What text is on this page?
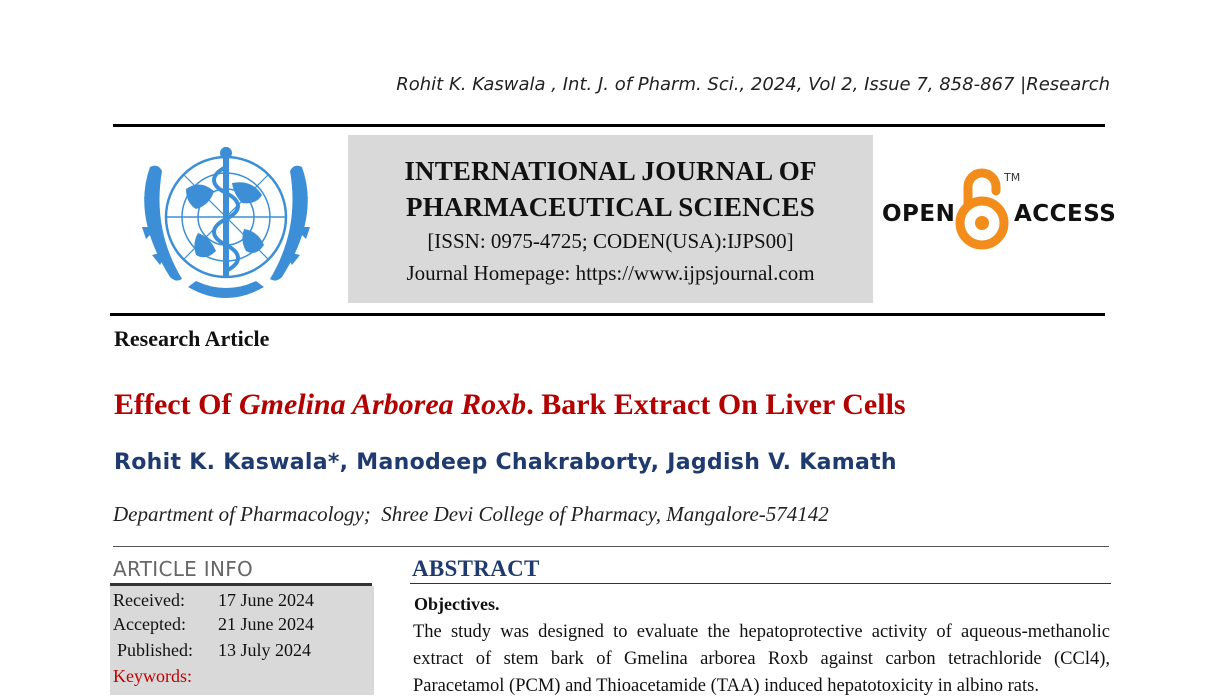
Rohit K. Kaswala , Int. J. of Pharm. Sci., 2024, Vol 2, Issue 7, 858-867 |Research
INTERNATIONAL JOURNAL OF
PHARMACEUTICAL SCIENCES
[ISSN: 0975-4725; CODEN(USA):IJPS00]
Journal Homepage: https://www.ijpsjournal.com
OPEN
TM
ACCESS
Research Article
Effect Of Gmelina Arborea Roxb. Bark Extract On Liver Cells
Rohit K. Kaswala*, Manodeep Chakraborty, Jagdish V. Kamath
Department of Pharmacology;  Shree Devi College of Pharmacy, Mangalore-574142
ARTICLE INFO
Received: 17 June 2024
Accepted: 21 June 2024
Published: 13 July 2024
Keywords:
ABSTRACT
Objectives.
The study was designed to evaluate the hepatoprotective activity of aqueous-methanolic extract of stem bark of Gmelina arborea Roxb against carbon tetrachloride (CCl4), Paracetamol (PCM) and Thioacetamide (TAA) induced hepatotoxicity in albino rats.
